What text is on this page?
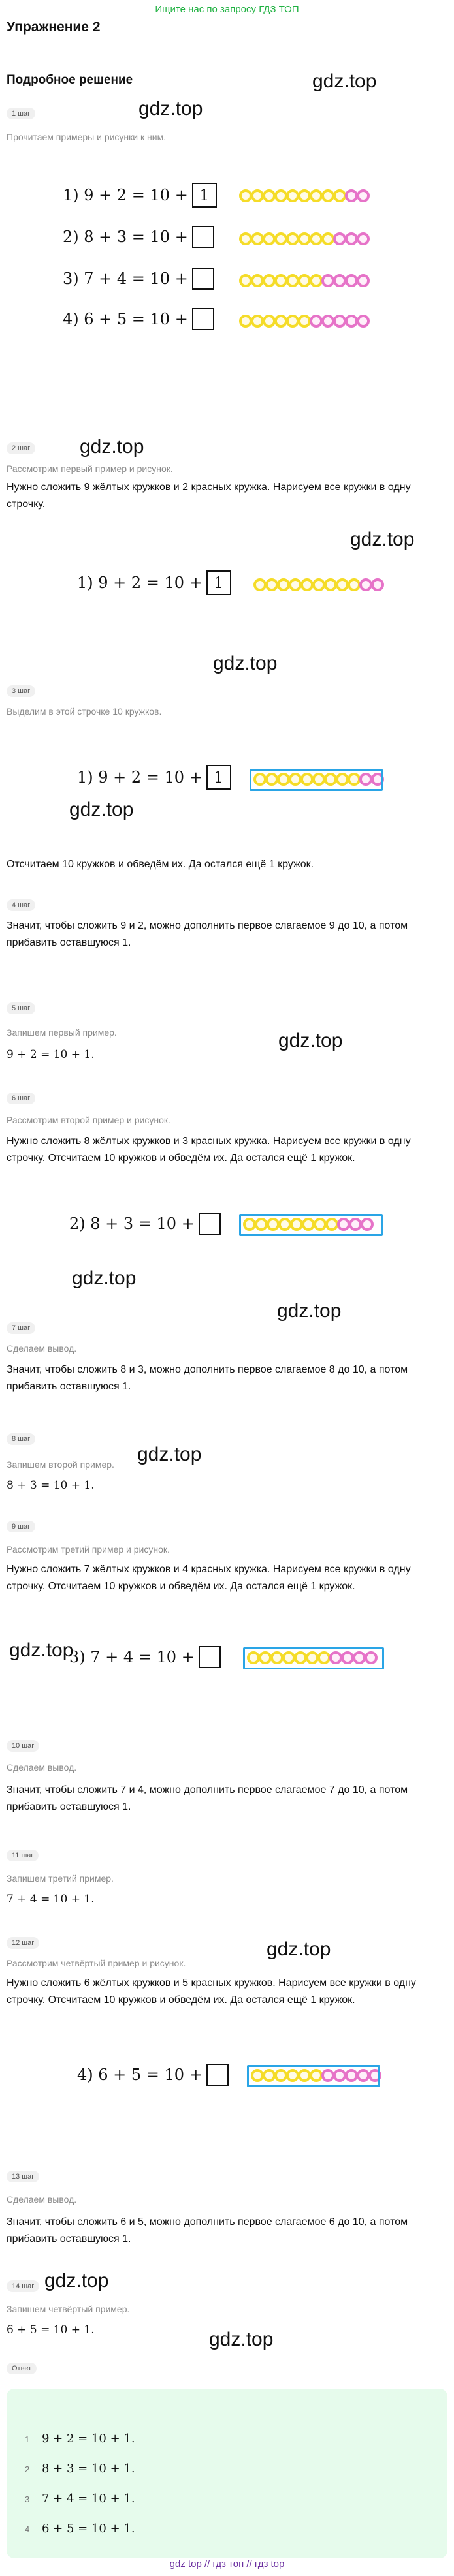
Ищите нас по запросу ГДЗ ТОП
Упражнение 2
Подробное решение	gdz.top
gdz.top
gdz.top
gdz.top
gdz.top
gdz.top
gdz.top
gdz.top
gdz.top
gdz.top
gdz.top
gdz.top
gdz.top
gdz.top
1 шаг
Прочитаем примеры и рисунки к ним.
1) 9 + 2 = 10 + 1
2) 8 + 3 = 10 +
3) 7 + 4 = 10 +
4) 6 + 5 = 10 +
2 шаг
Рассмотрим первый пример и рисунок.
Нужно сложить 9 жёлтых кружков и 2 красных кружка. Нарисуем все кружки в одну строчку.
1) 9 + 2 = 10 + 1
3 шаг
Выделим в этой строчке 10 кружков.
1) 9 + 2 = 10 + 1
Отсчитаем 10 кружков и обведём их. Да остался ещё 1 кружок.
4 шаг
Значит, чтобы сложить 9 и 2, можно дополнить первое слагаемое 9 до 10, а потом прибавить оставшуюся 1.
5 шаг
Запишем первый пример.
9 + 2 = 10 + 1.
6 шаг
Рассмотрим второй пример и рисунок.
Нужно сложить 8 жёлтых кружков и 3 красных кружка. Нарисуем все кружки в одну строчку. Отсчитаем 10 кружков и обведём их. Да остался ещё 1 кружок.
2) 8 + 3 = 10 +
7 шаг
Сделаем вывод.
Значит, чтобы сложить 8 и 3, можно дополнить первое слагаемое 8 до 10, а потом прибавить оставшуюся 1.
8 шаг
Запишем второй пример.
8 + 3 = 10 + 1.
9 шаг
Рассмотрим третий пример и рисунок.
Нужно сложить 7 жёлтых кружков и 4 красных кружка. Нарисуем все кружки в одну строчку. Отсчитаем 10 кружков и обведём их. Да остался ещё 1 кружок.
3) 7 + 4 = 10 +
10 шаг
Сделаем вывод.
Значит, чтобы сложить 7 и 4, можно дополнить первое слагаемое 7 до 10, а потом прибавить оставшуюся 1.
11 шаг
Запишем третий пример.
7 + 4 = 10 + 1.
12 шаг
Рассмотрим четвёртый пример и рисунок.
Нужно сложить 6 жёлтых кружков и 5 красных кружков. Нарисуем все кружки в одну строчку. Отсчитаем 10 кружков и обведём их. Да остался ещё 1 кружок.
4) 6 + 5 = 10 +
13 шаг
Сделаем вывод.
Значит, чтобы сложить 6 и 5, можно дополнить первое слагаемое 6 до 10, а потом прибавить оставшуюся 1.
14 шаг
Запишем четвёртый пример.
6 + 5 = 10 + 1.
Ответ
1 9 + 2 = 10 + 1.
2 8 + 3 = 10 + 1.
3 7 + 4 = 10 + 1.
4 6 + 5 = 10 + 1.
gdz top // гдз топ // гдз top
